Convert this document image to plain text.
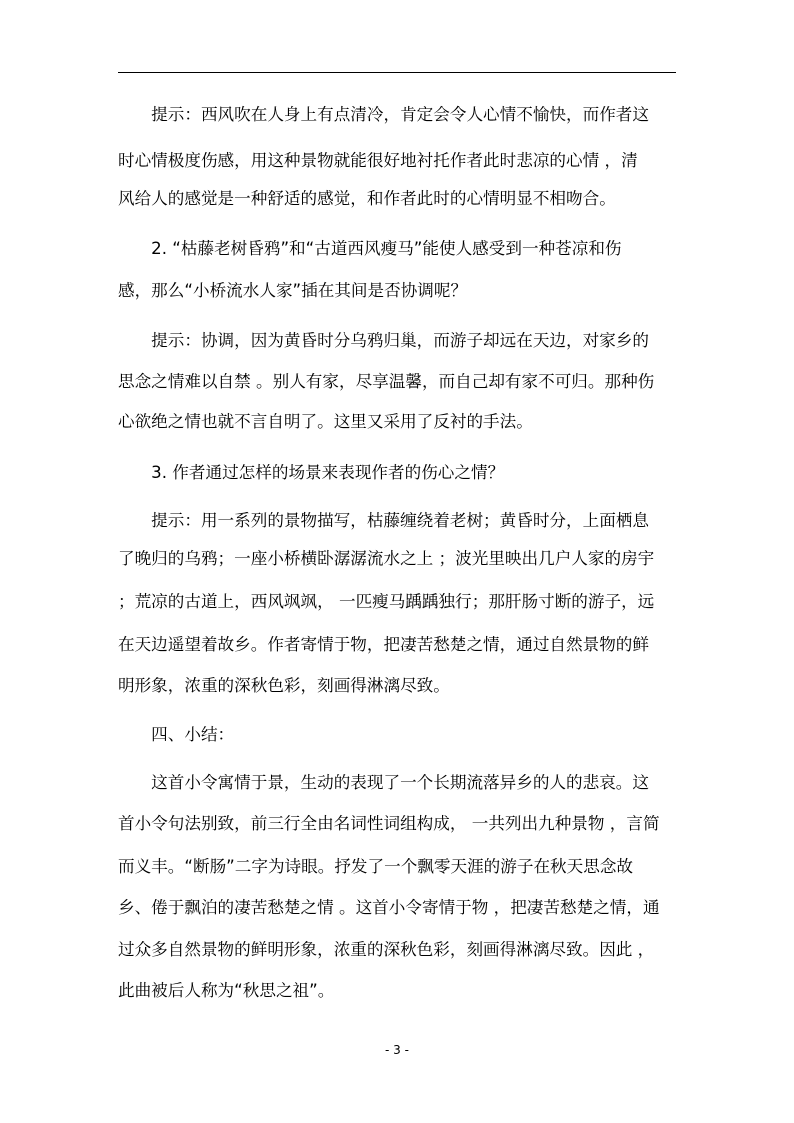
　　提示：西风吹在人身上有点清冷，肯定会令人心情不愉快，而作者这
时心情极度伤感，用这种景物就能很好地衬托作者此时悲凉的心情 ，清
风给人的感觉是一种舒适的感觉，和作者此时的心情明显不相吻合。
　　2. “枯藤老树昏鸦”和“古道西风瘦马”能使人感受到一种苍凉和伤
感，那么“小桥流水人家”插在其间是否协调呢？
　　提示：协调，因为黄昏时分乌鸦归巢，而游子却远在天边，对家乡的
思念之情难以自禁 。别人有家，尽享温馨，而自己却有家不可归。那种伤
心欲绝之情也就不言自明了。这里又采用了反衬的手法。
　　3. 作者通过怎样的场景来表现作者的伤心之情？
　　提示：用一系列的景物描写，枯藤缠绕着老树；黄昏时分，上面栖息
了晚归的乌鸦；一座小桥横卧潺潺流水之上 ；波光里映出几户人家的房宇
；荒凉的古道上，西风飒飒， 一匹瘦马踽踽独行；那肝肠寸断的游子，远
在天边遥望着故乡。作者寄情于物，把凄苦愁楚之情，通过自然景物的鲜
明形象，浓重的深秋色彩，刻画得淋漓尽致。
　　四、小结：
　　这首小令寓情于景，生动的表现了一个长期流落异乡的人的悲哀。这
首小令句法别致，前三行全由名词性词组构成， 一共列出九种景物 ，言简
而义丰。“断肠”二字为诗眼。抒发了一个飘零天涯的游子在秋天思念故
乡、倦于飘泊的凄苦愁楚之情 。这首小令寄情于物 ，把凄苦愁楚之情，通
过众多自然景物的鲜明形象，浓重的深秋色彩，刻画得淋漓尽致。因此 ，
此曲被后人称为“秋思之祖”。
- 3 -
